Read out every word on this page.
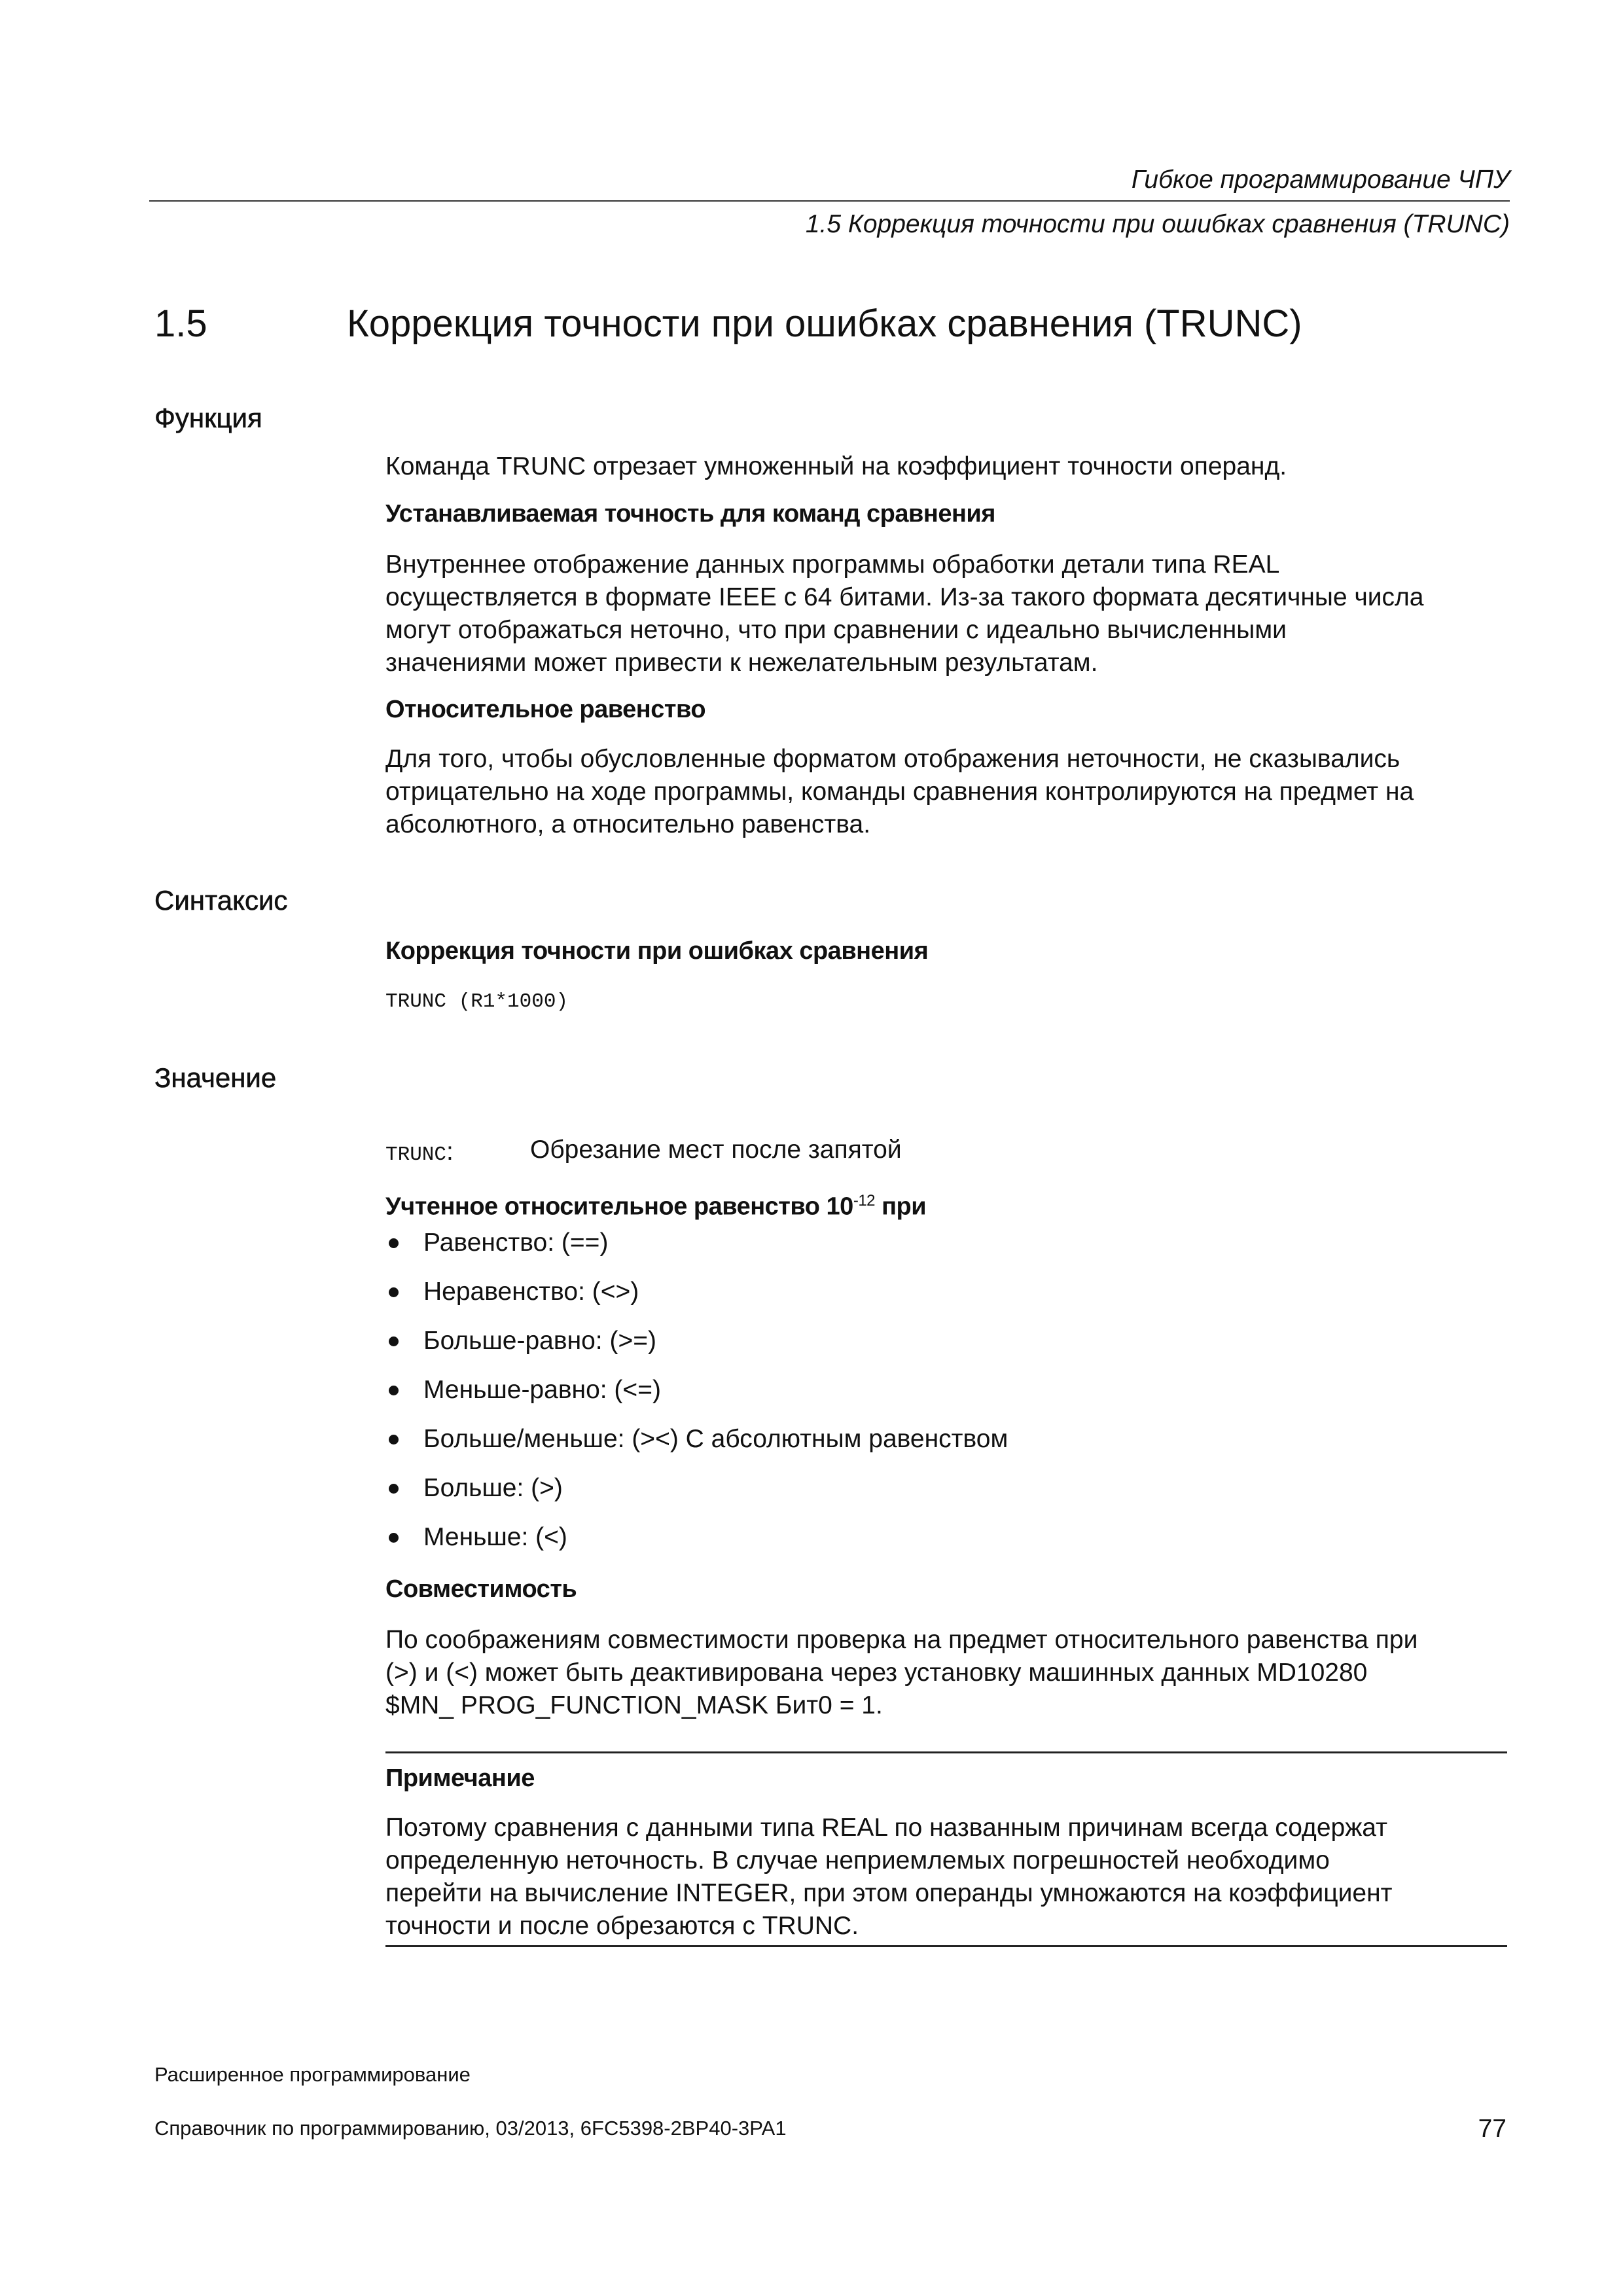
Гибкое программирование ЧПУ
1.5 Коррекция точности при ошибках сравнения (TRUNC)
1.5	Коррекция точности при ошибках сравнения (TRUNC)
Функция

Команда TRUNC отрезает умноженный на коэффициент точности операнд.

Устанавливаемая точность для команд сравнения

Внутреннее отображение данных программы обработки детали типа REAL

осуществляется в формате IEEE с 64 битами. Из-за такого формата десятичные числа

могут отображаться неточно, что при сравнении с идеально вычисленными

значениями может привести к нежелательным результатам.

Относительное равенство

Для того, чтобы обусловленные форматом отображения неточности, не сказывались

отрицательно на ходе программы, команды сравнения контролируются на предмет на

абсолютного, а относительно равенства.

Синтаксис
Коррекция точности при ошибках сравнения
TRUNC (R1*1000)
Значение
TRUNC:	Обрезание мест после запятой
Учтенное относительное равенство $10^{-12}$ при
Равенство: (==)
Неравенство: (<>)
Больше-равно: (>=)
Меньше-равно: (<=)
Больше/меньше: (><) С абсолютным равенством
Больше: (>)
Меньше: (<)
Совместимость

По соображениям совместимости проверка на предмет относительного равенства при

(>) и (<) может быть деактивирована через установку машинных данных MD10280

$MN_ PROG_FUNCTION_MASK Бит0 = 1.

Примечание

Поэтому сравнения с данными типа REAL по названным причинам всегда содержат

определенную неточность. В случае неприемлемых погрешностей необходимо

перейти на вычисление INTEGER, при этом операнды умножаются на коэффициент

точности и после обрезаются с TRUNC.

Расширенное программирование
Справочник по программированию, 03/2013, 6FC5398-2BP40-3PA1	77
